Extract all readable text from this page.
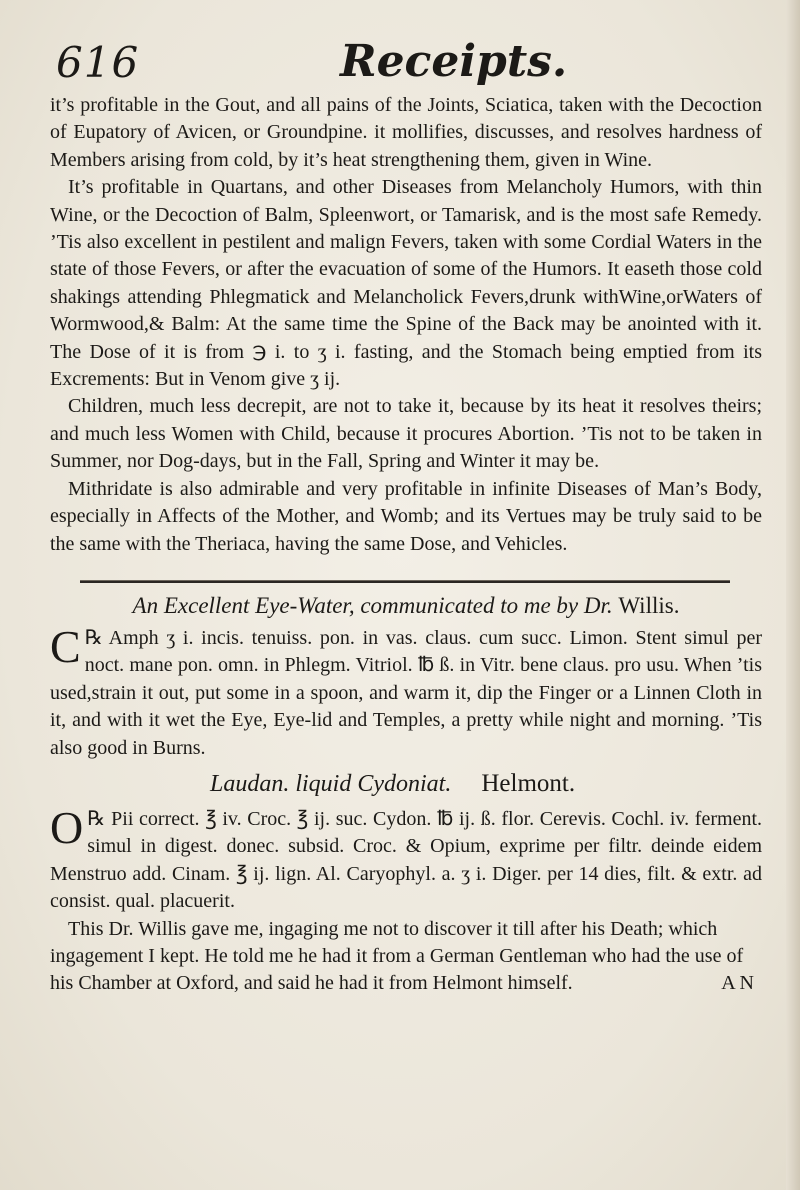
616	Receipts.

it’s profitable in the Gout, and all pains of the Joints, Sciatica, taken with the Decoction of Eupatory of Avicen, or Groundpine. it mollifies, discusses, and resolves hardness of Members arising from cold, by it’s heat strengthening them, given in Wine.

It’s profitable in Quartans, and other Diseases from Melancholy Humors, with thin Wine, or the Decoction of Balm, Spleenwort, or Tamarisk, and is the most safe Remedy. ’Tis also excellent in pestilent and malign Fevers, taken with some Cordial Waters in the state of those Fevers, or after the evacuation of some of the Humors. It easeth those cold shakings attending Phlegmatick and Melancholick Fevers,drunk withWine,orWaters of Wormwood,& Balm: At the same time the Spine of the Back may be anointed with it. The Dose of it is from ℈ i. to ʒ i. fasting, and the Stomach being emptied from its Excrements: But in Venom give ʒ ij.

Children, much less decrepit, are not to take it, because by its heat it resolves theirs; and much less Women with Child, because it procures Abortion. ’Tis not to be taken in Summer, nor Dog-days, but in the Fall, Spring and Winter it may be.

Mithridate is also admirable and very profitable in infinite Diseases of Man’s Body, especially in Affects of the Mother, and Womb; and its Vertues may be truly said to be the same with the Theriaca, having the same Dose, and Vehicles.

An Excellent Eye-Water, communicated to me by Dr. Willis.

℞
C Amph ʒ i. incis. tenuiss. pon. in vas. claus. cum succ. Limon. Stent simul per noct. mane pon. omn. in Phlegm. Vitriol. ℔ ß. in Vitr. bene claus. pro usu. When ’tis used,strain it out, put some in a spoon, and warm it, dip the Finger or a Linnen Cloth in it, and with it wet the Eye, Eye-lid and Temples, a pretty while night and morning. ’Tis also good in Burns.

Laudan. liquid Cydoniat. Helmont.

℞
O Pii correct. ℥ iv. Croc. ℥ ij. suc. Cydon. ℔ ij. ß. flor. Cerevis. Cochl. iv. ferment. simul in digest. donec. subsid. Croc. & Opium, exprime per filtr. deinde eidem Menstruo add. Cinam. ℥ ij. lign. Al. Caryophyl. a. ʒ i. Diger. per 14 dies, filt. & extr. ad consist. qual. placuerit.

This Dr. Willis gave me, ingaging me not to discover it till after his Death; which ingagement I kept. He told me he had it from a German Gentleman who had the use of his Chamber at Oxford, and said he had it from Helmont himself.	A N
